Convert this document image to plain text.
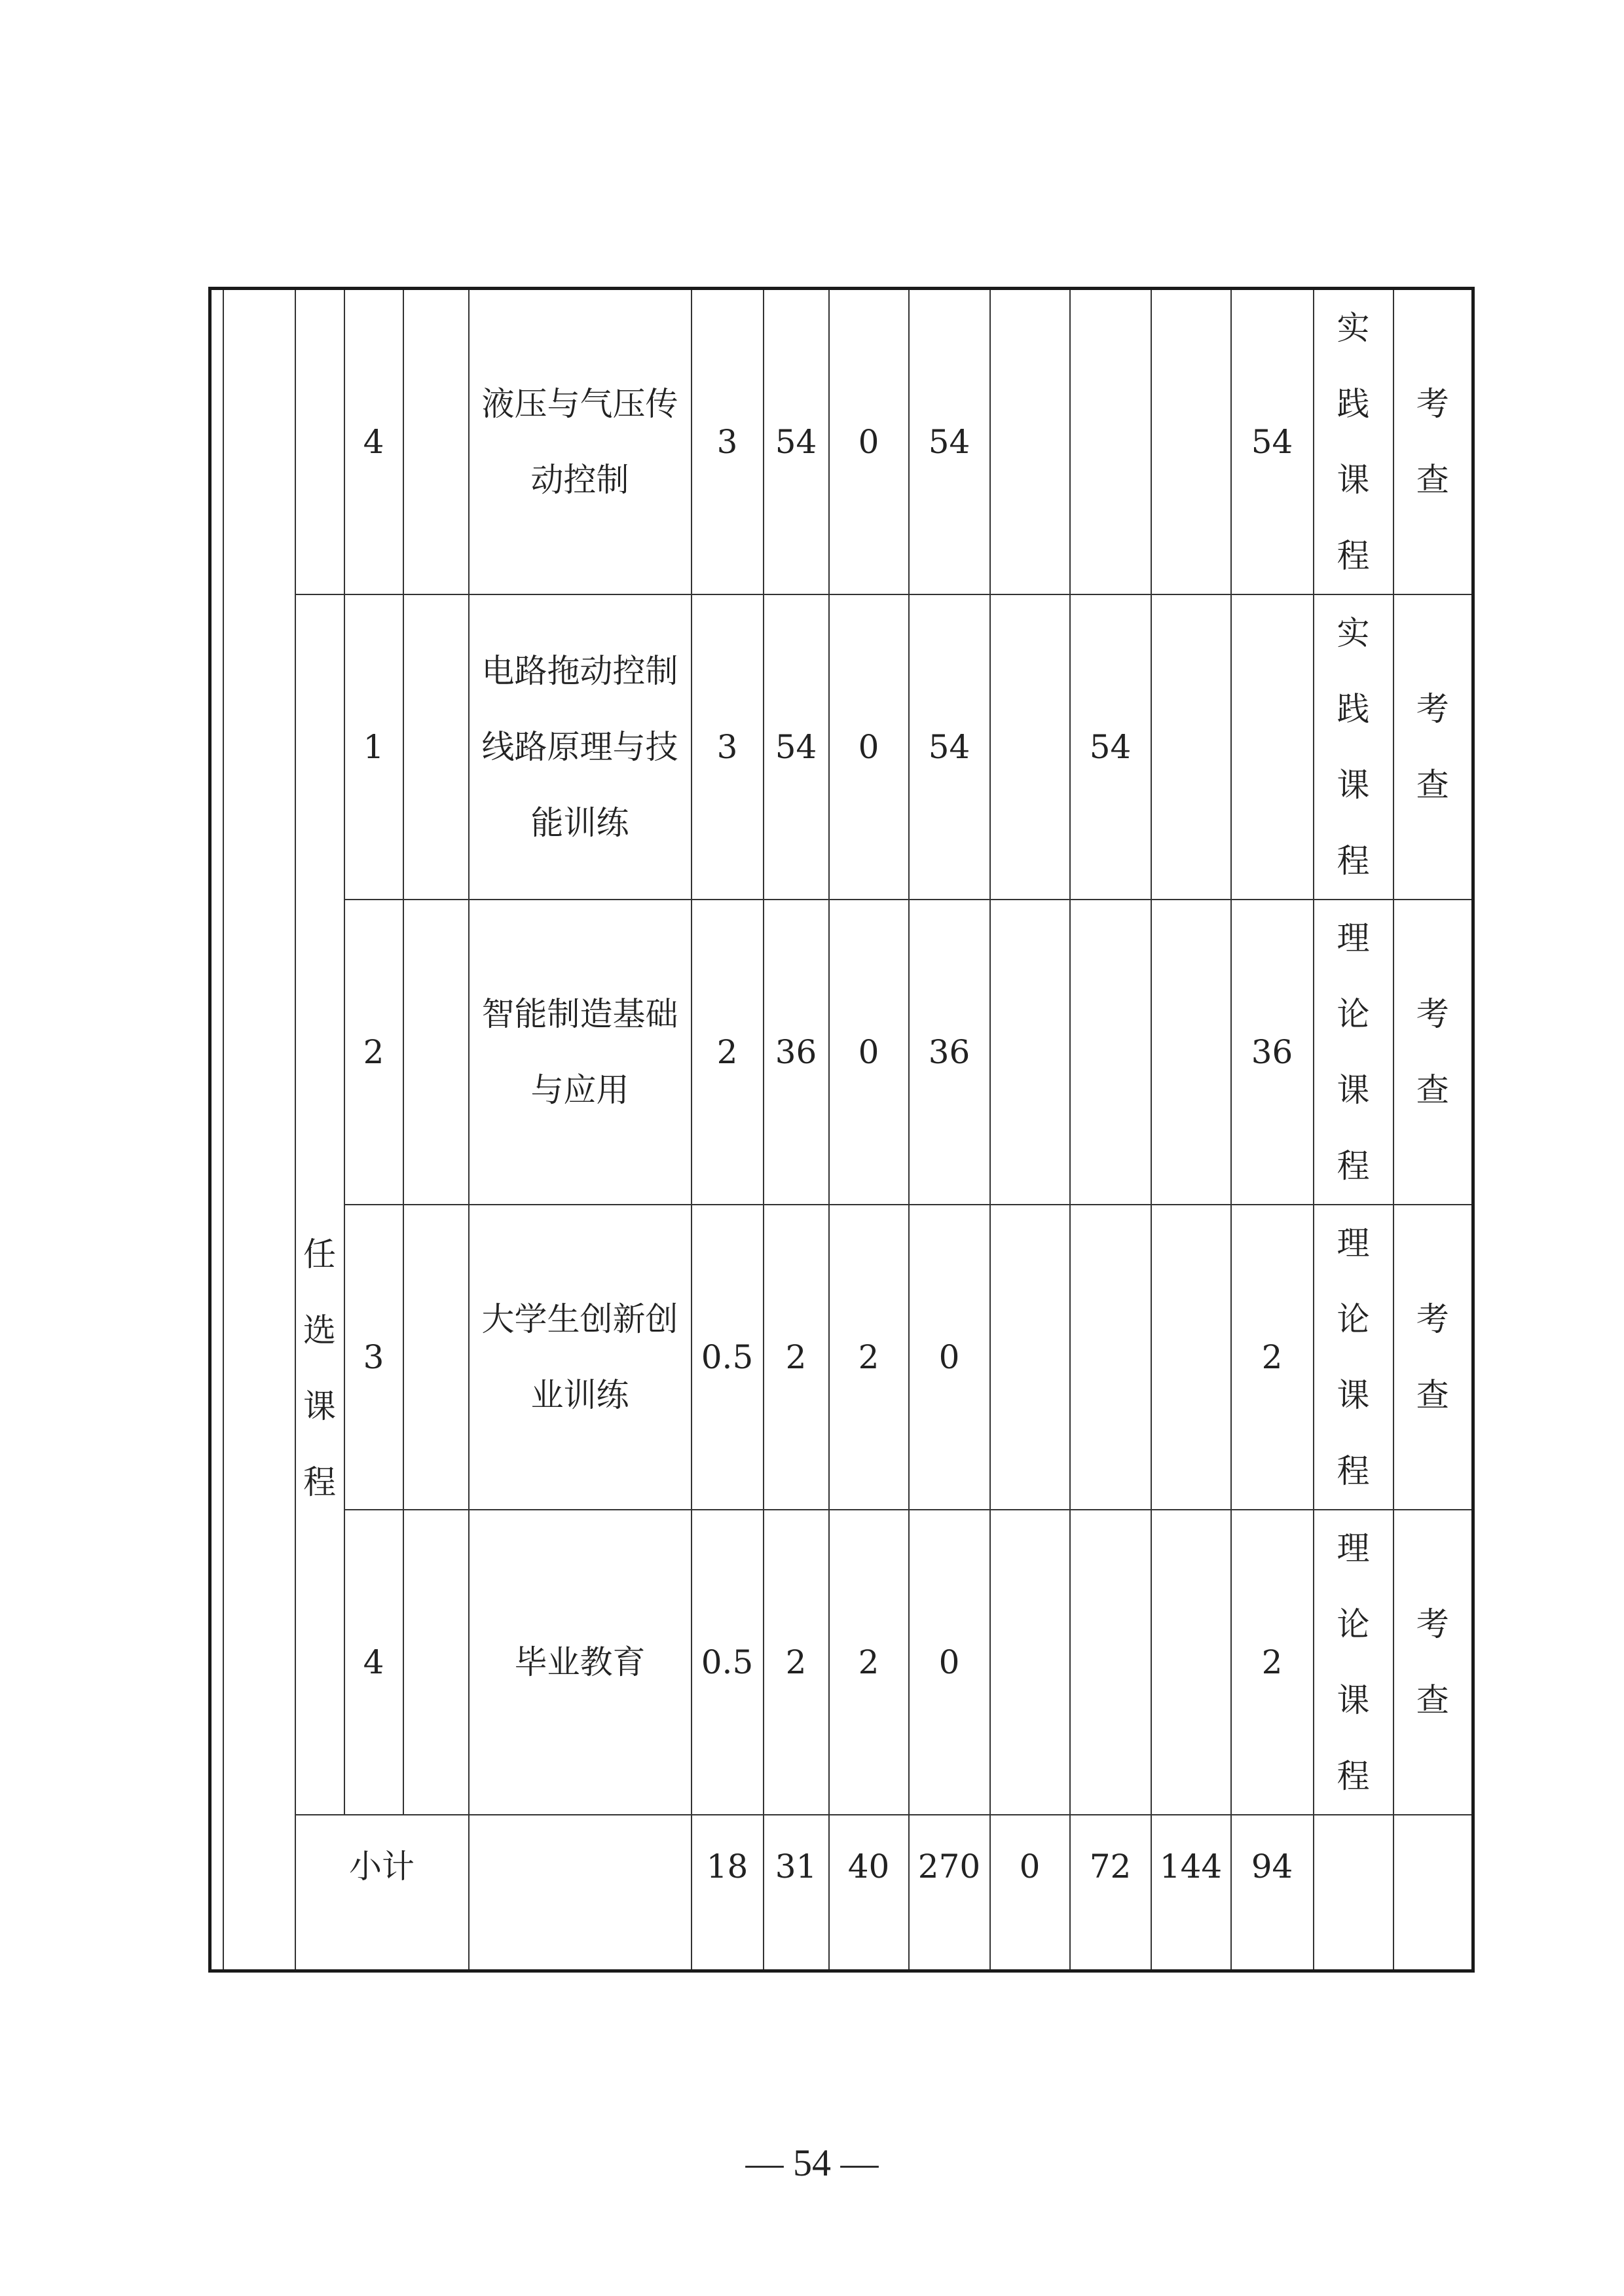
			4		液压与气压传动控制	3	54	0	54				54	实践课程	考查
		任选课程	1		电路拖动控制线路原理与技能训练	3	54	0	54		54			实践课程	考查
			2		智能制造基础与应用	2	36	0	36				36	理论课程	考查
			3		大学生创新创业训练	0.5	2	2	0				2	理论课程	考查
			4		毕业教育	0.5	2	2	0				2	理论课程	考查
		小计				18	31	40	270	0	72	144	94		
— 54 —
